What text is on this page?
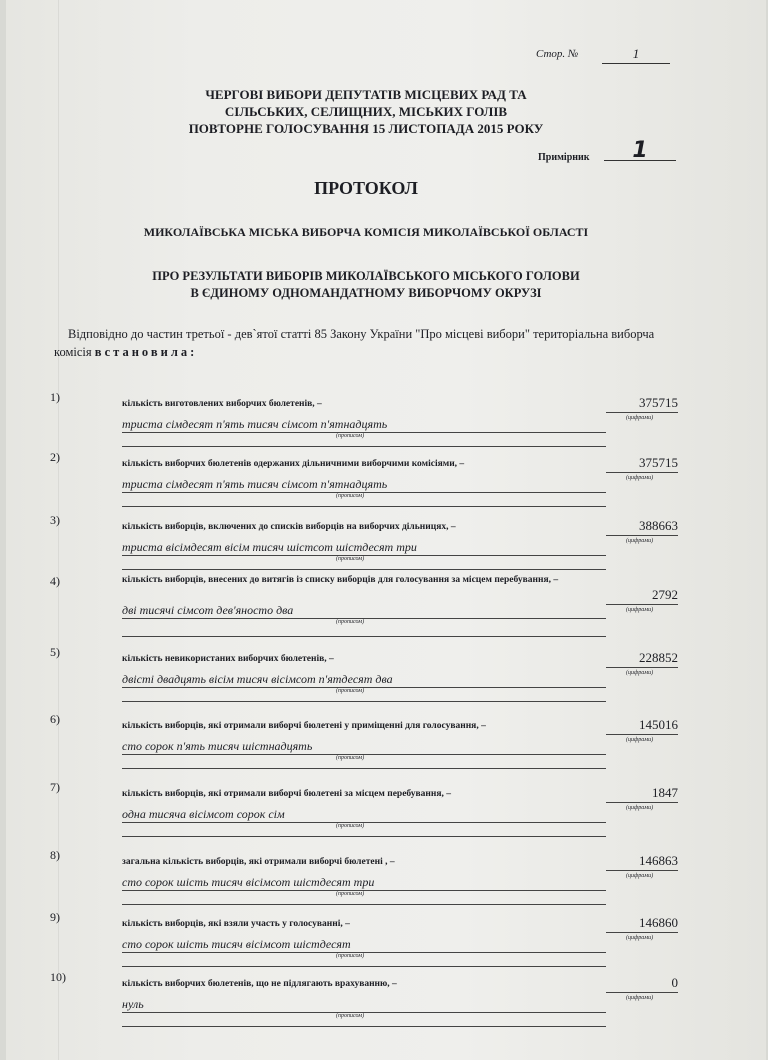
Стор. №	1
ЧЕРГОВІ ВИБОРИ ДЕПУТАТІВ МІСЦЕВИХ РАД ТА
СІЛЬСЬКИХ, СЕЛИЩНИХ, МІСЬКИХ ГОЛІВ
ПОВТОРНЕ ГОЛОСУВАННЯ 15 ЛИСТОПАДА 2015 РОКУ
Примірник	1
ПРОТОКОЛ
МИКОЛАЇВСЬКА МІСЬКА ВИБОРЧА КОМІСІЯ МИКОЛАЇВСЬКОЇ ОБЛАСТІ
ПРО РЕЗУЛЬТАТИ ВИБОРІВ МИКОЛАЇВСЬКОГО МІСЬКОГО ГОЛОВИ
В ЄДИНОМУ ОДНОМАНДАТНОМУ ВИБОРЧОМУ ОКРУЗІ
Відповідно до частин третьої - дев`ятої статті 85 Закону України "Про місцеві вибори" територіальна виборча комісія встановила:
1)	кількість виготовлених виборчих бюлетенів, –
триста сімдесят п'ять тисяч сімсот п'ятнадцять
(прописом)
375715
(цифрами)
2)	кількість виборчих бюлетенів одержаних дільничними виборчими комісіями, –
триста сімдесят п'ять тисяч сімсот п'ятнадцять
(прописом)
375715
(цифрами)
3)	кількість виборців, включених до списків виборців на виборчих дільницях, –
триста вісімдесят вісім тисяч шістсот шістдесят три
(прописом)
388663
(цифрами)
4)	кількість виборців, внесених до витягів із списку виборців для голосування за місцем перебування, –
дві тисячі сімсот дев'яносто два
(прописом)
2792
(цифрами)
5)	кількість невикористаних виборчих бюлетенів, –
двісті двадцять вісім тисяч вісімсот п'ятдесят два
(прописом)
228852
(цифрами)
6)	кількість виборців, які отримали виборчі бюлетені у приміщенні для голосування, –
сто сорок п'ять тисяч шістнадцять
(прописом)
145016
(цифрами)
7)	кількість виборців, які отримали виборчі бюлетені за місцем перебування, –
одна тисяча вісімсот сорок сім
(прописом)
1847
(цифрами)
8)	загальна кількість виборців, які отримали виборчі бюлетені , –
сто сорок шість тисяч вісімсот шістдесят три
(прописом)
146863
(цифрами)
9)	кількість виборців, які взяли участь у голосуванні, –
сто сорок шість тисяч вісімсот шістдесят
(прописом)
146860
(цифрами)
10)	кількість виборчих бюлетенів, що не підлягають врахуванню, –
нуль
(прописом)
0
(цифрами)
